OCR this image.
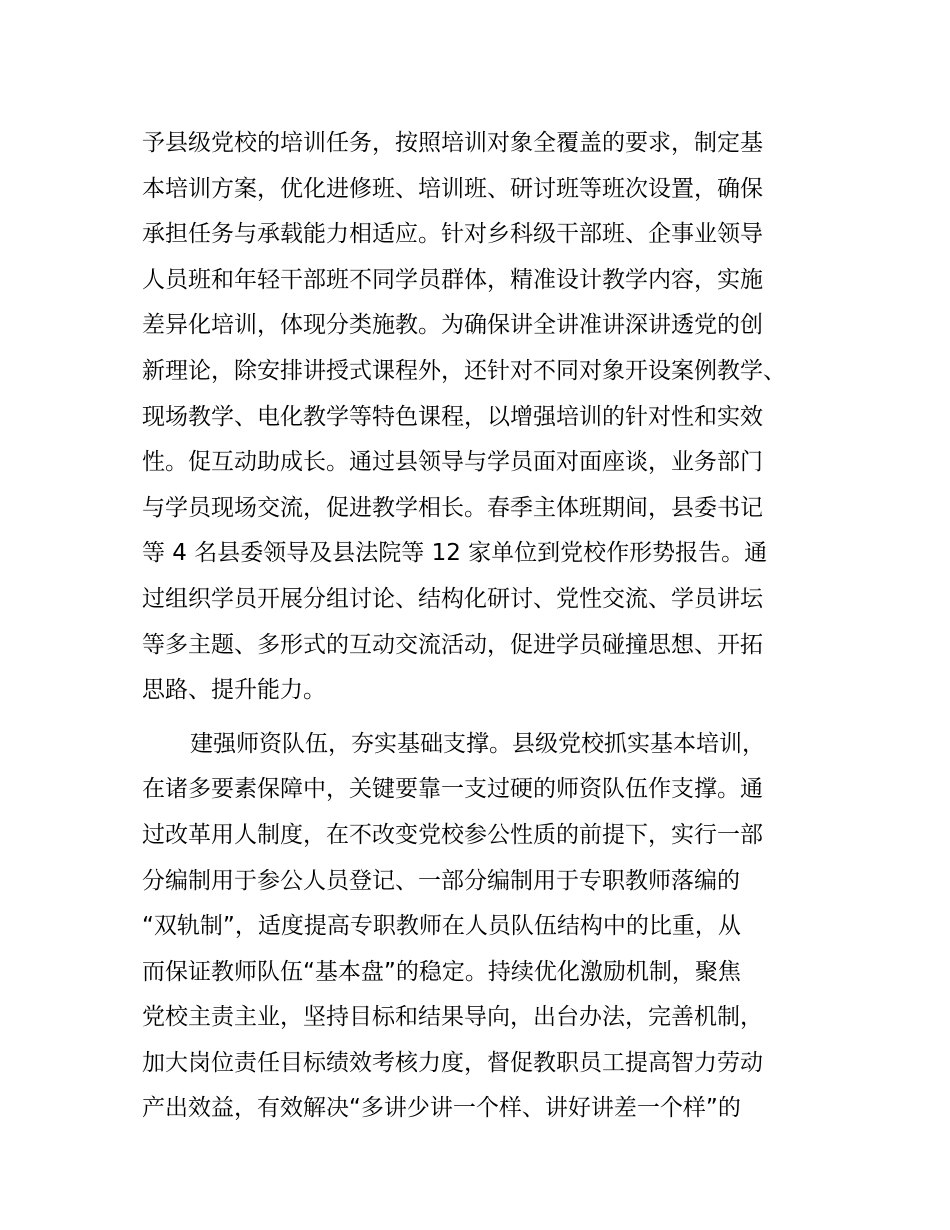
予县级党校的培训任务，按照培训对象全覆盖的要求，制定基
本培训方案，优化进修班、培训班、研讨班等班次设置，确保
承担任务与承载能力相适应。针对乡科级干部班、企事业领导
人员班和年轻干部班不同学员群体，精准设计教学内容，实施
差异化培训，体现分类施教。为确保讲全讲准讲深讲透党的创
新理论，除安排讲授式课程外，还针对不同对象开设案例教学、
现场教学、电化教学等特色课程，以增强培训的针对性和实效
性。促互动助成长。通过县领导与学员面对面座谈，业务部门
与学员现场交流，促进教学相长。春季主体班期间，县委书记
等 4 名县委领导及县法院等 12 家单位到党校作形势报告。通
过组织学员开展分组讨论、结构化研讨、党性交流、学员讲坛
等多主题、多形式的互动交流活动，促进学员碰撞思想、开拓
思路、提升能力。
建强师资队伍，夯实基础支撑。县级党校抓实基本培训，
在诸多要素保障中，关键要靠一支过硬的师资队伍作支撑。通
过改革用人制度，在不改变党校参公性质的前提下，实行一部
分编制用于参公人员登记、一部分编制用于专职教师落编的
“双轨制”，适度提高专职教师在人员队伍结构中的比重，从
而保证教师队伍“基本盘”的稳定。持续优化激励机制，聚焦
党校主责主业，坚持目标和结果导向，出台办法，完善机制，
加大岗位责任目标绩效考核力度，督促教职员工提高智力劳动
产出效益，有效解决“多讲少讲一个样、讲好讲差一个样”的
